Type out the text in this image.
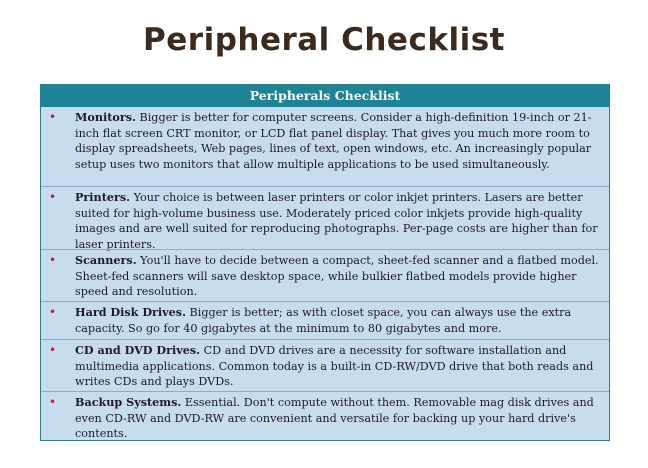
Peripheral Checklist
Peripherals Checklist
•	Monitors. Bigger is better for computer screens. Consider a high-definition 19-inch or 21-inch flat screen CRT monitor, or LCD flat panel display. That gives you much more room to display spreadsheets, Web pages, lines of text, open windows, etc. An increasingly popular setup uses two monitors that allow multiple applications to be used simultaneously.
•	Printers. Your choice is between laser printers or color inkjet printers. Lasers are better suited for high-volume business use. Moderately priced color inkjets provide high-quality images and are well suited for reproducing photographs. Per-page costs are higher than for laser printers.
•	Scanners. You'll have to decide between a compact, sheet-fed scanner and a flatbed model. Sheet-fed scanners will save desktop space, while bulkier flatbed models provide higher speed and resolution.
•	Hard Disk Drives. Bigger is better; as with closet space, you can always use the extra capacity. So go for 40 gigabytes at the minimum to 80 gigabytes and more.
•	CD and DVD Drives. CD and DVD drives are a necessity for software installation and multimedia applications. Common today is a built-in CD-RW/DVD drive that both reads and writes CDs and plays DVDs.
•	Backup Systems. Essential. Don't compute without them. Removable mag disk drives and even CD-RW and DVD-RW are convenient and versatile for backing up your hard drive's contents.
